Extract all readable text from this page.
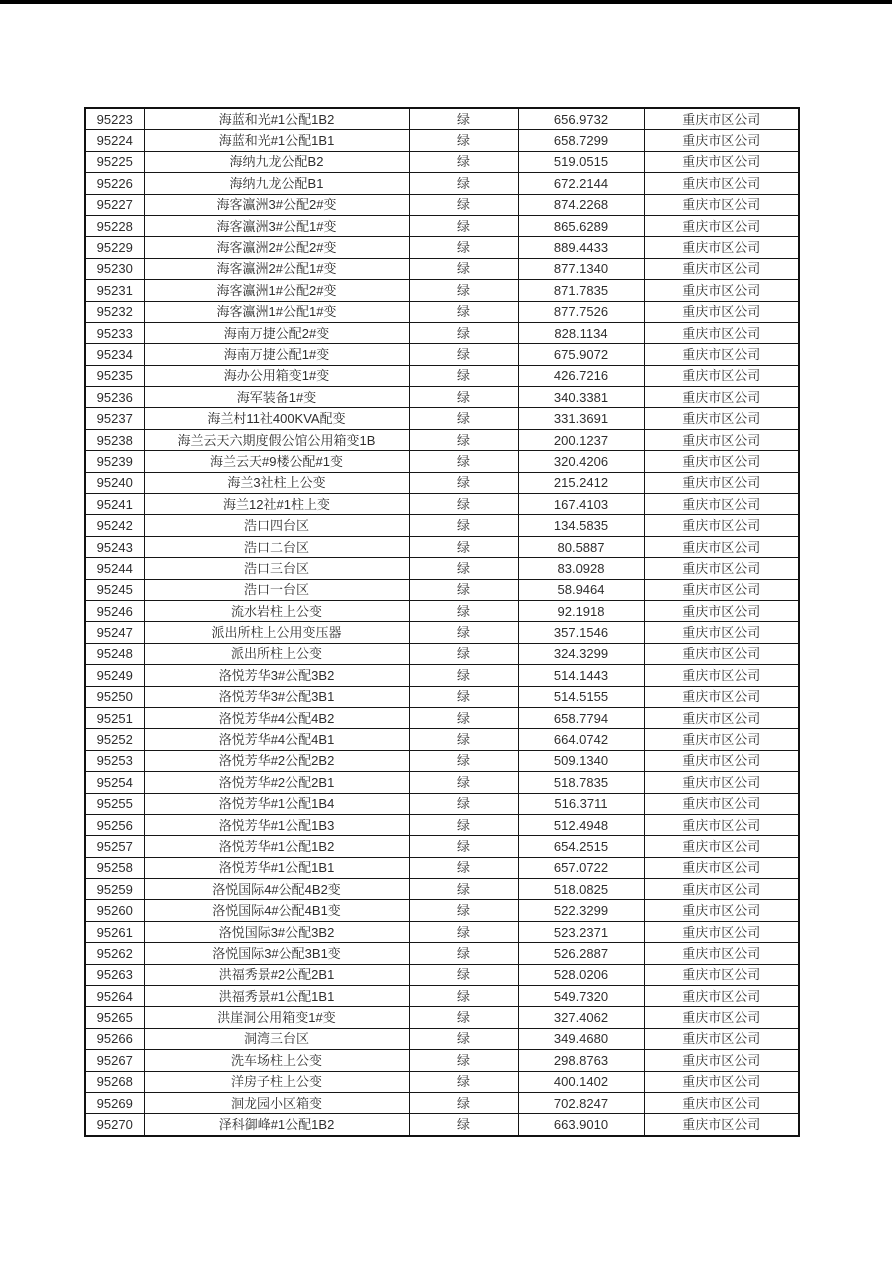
95223	海蓝和光#1公配1B2	绿	656.9732	重庆市区公司
95224	海蓝和光#1公配1B1	绿	658.7299	重庆市区公司
95225	海纳九龙公配B2	绿	519.0515	重庆市区公司
95226	海纳九龙公配B1	绿	672.2144	重庆市区公司
95227	海客瀛洲3#公配2#变	绿	874.2268	重庆市区公司
95228	海客瀛洲3#公配1#变	绿	865.6289	重庆市区公司
95229	海客瀛洲2#公配2#变	绿	889.4433	重庆市区公司
95230	海客瀛洲2#公配1#变	绿	877.1340	重庆市区公司
95231	海客瀛洲1#公配2#变	绿	871.7835	重庆市区公司
95232	海客瀛洲1#公配1#变	绿	877.7526	重庆市区公司
95233	海南万捷公配2#变	绿	828.1134	重庆市区公司
95234	海南万捷公配1#变	绿	675.9072	重庆市区公司
95235	海办公用箱变1#变	绿	426.7216	重庆市区公司
95236	海军装备1#变	绿	340.3381	重庆市区公司
95237	海兰村11社400KVA配变	绿	331.3691	重庆市区公司
95238	海兰云天六期度假公馆公用箱变1B	绿	200.1237	重庆市区公司
95239	海兰云天#9楼公配#1变	绿	320.4206	重庆市区公司
95240	海兰3社柱上公变	绿	215.2412	重庆市区公司
95241	海兰12社#1柱上变	绿	167.4103	重庆市区公司
95242	浩口四台区	绿	134.5835	重庆市区公司
95243	浩口二台区	绿	80.5887	重庆市区公司
95244	浩口三台区	绿	83.0928	重庆市区公司
95245	浩口一台区	绿	58.9464	重庆市区公司
95246	流水岩柱上公变	绿	92.1918	重庆市区公司
95247	派出所柱上公用变压器	绿	357.1546	重庆市区公司
95248	派出所柱上公变	绿	324.3299	重庆市区公司
95249	洛悦芳华3#公配3B2	绿	514.1443	重庆市区公司
95250	洛悦芳华3#公配3B1	绿	514.5155	重庆市区公司
95251	洛悦芳华#4公配4B2	绿	658.7794	重庆市区公司
95252	洛悦芳华#4公配4B1	绿	664.0742	重庆市区公司
95253	洛悦芳华#2公配2B2	绿	509.1340	重庆市区公司
95254	洛悦芳华#2公配2B1	绿	518.7835	重庆市区公司
95255	洛悦芳华#1公配1B4	绿	516.3711	重庆市区公司
95256	洛悦芳华#1公配1B3	绿	512.4948	重庆市区公司
95257	洛悦芳华#1公配1B2	绿	654.2515	重庆市区公司
95258	洛悦芳华#1公配1B1	绿	657.0722	重庆市区公司
95259	洛悦国际4#公配4B2变	绿	518.0825	重庆市区公司
95260	洛悦国际4#公配4B1变	绿	522.3299	重庆市区公司
95261	洛悦国际3#公配3B2	绿	523.2371	重庆市区公司
95262	洛悦国际3#公配3B1变	绿	526.2887	重庆市区公司
95263	洪福秀景#2公配2B1	绿	528.0206	重庆市区公司
95264	洪福秀景#1公配1B1	绿	549.7320	重庆市区公司
95265	洪崖洞公用箱变1#变	绿	327.4062	重庆市区公司
95266	洞湾三台区	绿	349.4680	重庆市区公司
95267	洗车场柱上公变	绿	298.8763	重庆市区公司
95268	洋房子柱上公变	绿	400.1402	重庆市区公司
95269	洄龙园小区箱变	绿	702.8247	重庆市区公司
95270	泽科御峰#1公配1B2	绿	663.9010	重庆市区公司
